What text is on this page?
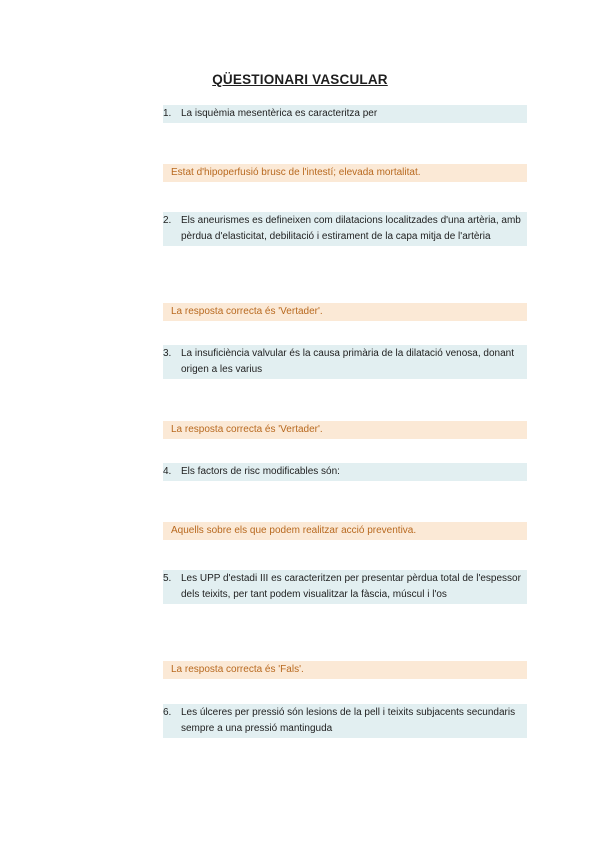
QÜESTIONARI VASCULAR
1. La isquèmia mesentèrica es caracteritza per
Estat d'hipoperfusió brusc de l'intestí; elevada mortalitat.
2. Els aneurismes es defineixen com dilatacions localitzades d'una artèria, amb pèrdua d'elasticitat, debilitació i estirament de la capa mitja de l'artèria
La resposta correcta és 'Vertader'.
3. La insuficiència valvular és la causa primària de la dilatació venosa, donant origen a les varius
La resposta correcta és 'Vertader'.
4. Els factors de risc modificables són:
Aquells sobre els que podem realitzar acció preventiva.
5. Les UPP d'estadi III es caracteritzen per presentar pèrdua total de l'espessor dels teixits, per tant podem visualitzar la fàscia, múscul i l'os
La resposta correcta és 'Fals'.
6. Les úlceres per pressió són lesions de la pell i teixits subjacents secundaris sempre a una pressió mantinguda
